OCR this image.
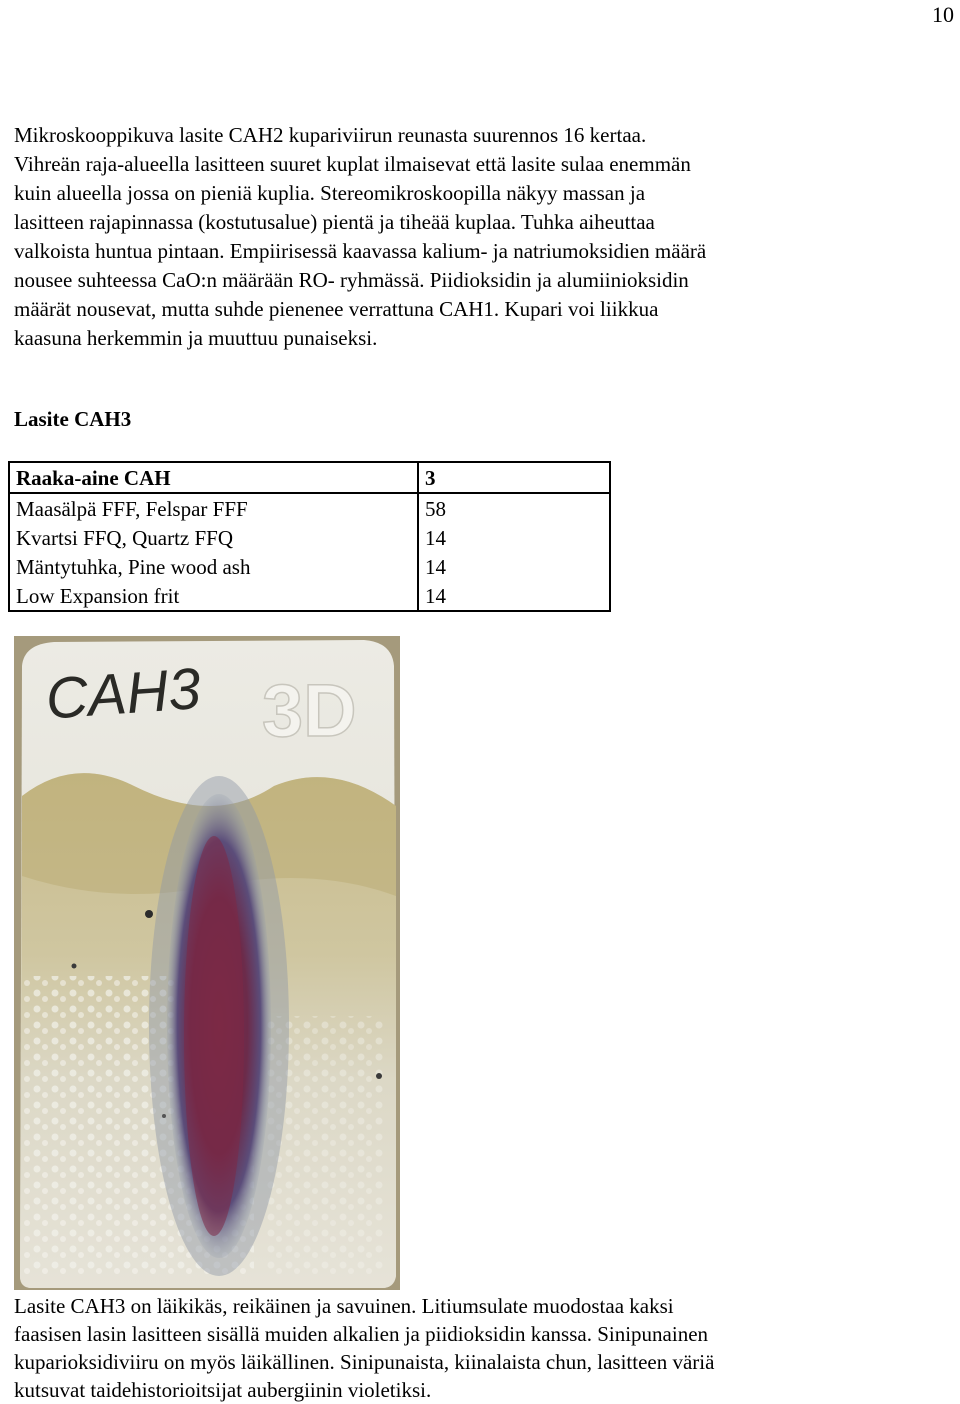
10

Mikroskooppikuva lasite CAH2 kupariviirun reunasta suurennos 16 kertaa.
Vihreän raja-alueella lasitteen suuret kuplat ilmaisevat että lasite sulaa enemmän
kuin alueella jossa on pieniä kuplia. Stereomikroskoopilla näkyy massan ja
lasitteen rajapinnassa (kostutusalue) pientä ja tiheää kuplaa. Tuhka aiheuttaa
valkoista huntua pintaan. Empiirisessä kaavassa kalium- ja natriumoksidien määrä
nousee suhteessa CaO:n määrään RO- ryhmässä. Piidioksidin ja alumiinioksidin
määrät nousevat, mutta suhde pienenee verrattuna CAH1. Kupari voi liikkua
kaasuna herkemmin ja muuttuu punaiseksi.

Lasite CAH3
Raaka-aine CAH	3
Maasälpä FFF, Felspar FFF	58
Kvartsi FFQ, Quartz FFQ	14
Mäntytuhka, Pine wood ash	14
Low Expansion frit	14
CAH3 3D

Lasite CAH3 on läikikäs, reikäinen ja savuinen. Litiumsulate muodostaa kaksi
faasisen lasin lasitteen sisällä muiden alkalien ja piidioksidin kanssa. Sinipunainen
kuparioksidiviiru on myös läikällinen. Sinipunaista, kiinalaista chun, lasitteen väriä
kutsuvat taidehistorioitsijat aubergiinin violetiksi.
